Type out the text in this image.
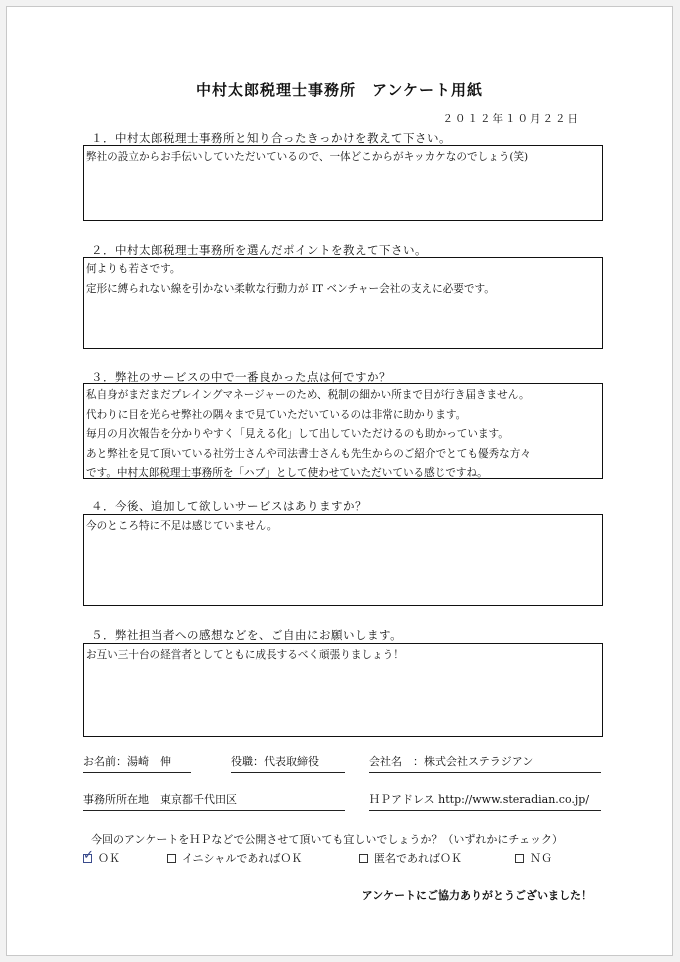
中村太郎税理士事務所　アンケート用紙
２０１２年１０月２２日
１．中村太郎税理士事務所と知り合ったきっかけを教えて下さい。
弊社の設立からお手伝いしていただいているので、一体どこからがキッカケなのでしょう(笑)
２．中村太郎税理士事務所を選んだポイントを教えて下さい。
何よりも若さです。
定形に縛られない線を引かない柔軟な行動力が IT ベンチャー会社の支えに必要です。
３．弊社のサービスの中で一番良かった点は何ですか？
私自身がまだまだプレイングマネージャーのため、税制の細かい所まで目が行き届きません。
代わりに目を光らせ弊社の隅々まで見ていただいているのは非常に助かります。
毎月の月次報告を分かりやすく「見える化」して出していただけるのも助かっています。
あと弊社を見て頂いている社労士さんや司法書士さんも先生からのご紹介でとても優秀な方々
です。中村太郎税理士事務所を「ハブ」として使わせていただいている感じですね。
４．今後、追加して欲しいサービスはありますか？
今のところ特に不足は感じていません。
５．弊社担当者への感想などを、ご自由にお願いします。
お互い三十台の経営者としてともに成長するべく頑張りましょう！
お名前：湯崎　伸	役職：代表取締役	会社名　：株式会社ステラジアン
事務所所在地　東京都千代田区	ＨＰアドレス http://www.steradian.co.jp/
今回のアンケートをＨＰなどで公開させて頂いても宜しいでしょうか？（いずれかにチェック）
✓
ＯＫ	イニシャルであればＯＫ	匿名であればＯＫ	ＮＧ
アンケートにご協力ありがとうございました！
